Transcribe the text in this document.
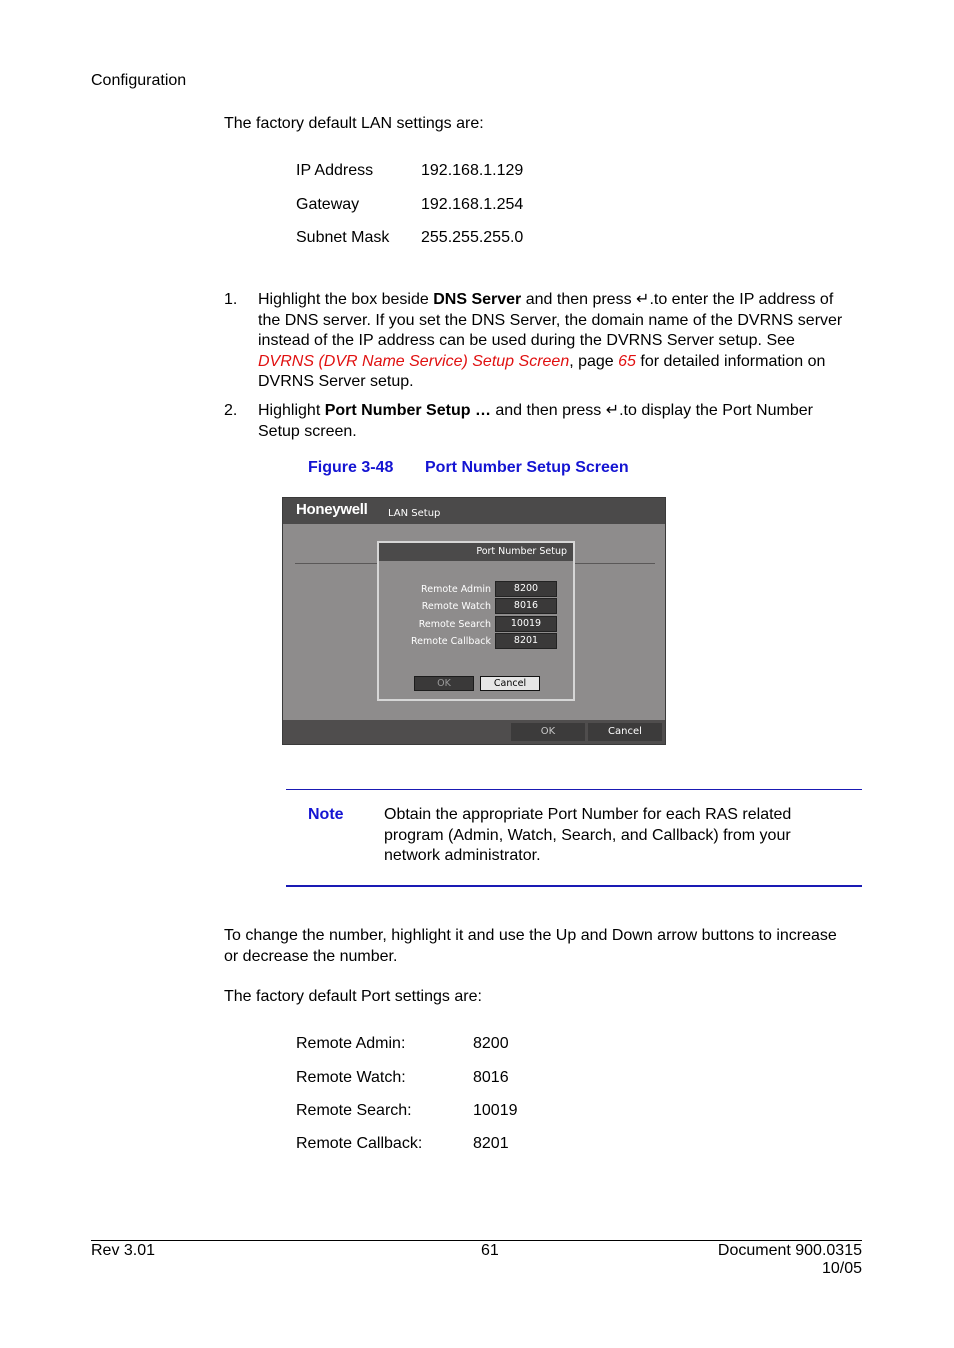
Configuration
The factory default LAN settings are:
IP Address	192.168.1.129
Gateway	192.168.1.254
Subnet Mask 255.255.255.0
1. Highlight the box beside DNS Server and then press ↵.to enter the IP address of
the DNS server. If you set the DNS Server, the domain name of the DVRNS server
instead of the IP address can be used during the DVRNS Server setup. See
DVRNS (DVR Name Service) Setup Screen, page 65 for detailed information on
DVRNS Server setup.
2. Highlight Port Number Setup … and then press ↵.to display the Port Number
Setup screen.
Figure 3-48 Port Number Setup Screen
Honeywell LAN Setup
OK	Cancel
Port Number Setup
Remote Admin	8200
Remote Watch	8016
Remote Search	10019
Remote Callback	8201
OK	Cancel
Note	Obtain the appropriate Port Number for each RAS related
program (Admin, Watch, Search, and Callback) from your
network administrator.
To change the number, highlight it and use the Up and Down arrow buttons to increase
or decrease the number.
The factory default Port settings are:
Remote Admin:	8200
Remote Watch:	8016
Remote Search:	10019
Remote Callback:	8201
Rev 3.01	61	Document 900.0315
10/05
